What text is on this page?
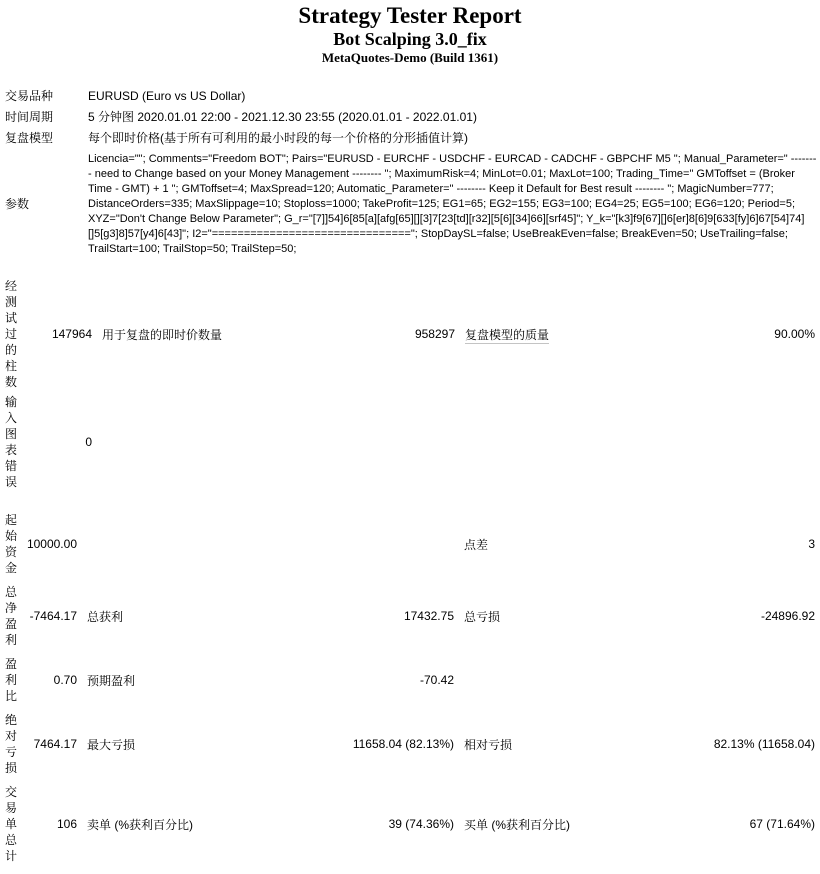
Strategy Tester Report
Bot Scalping 3.0_fix
MetaQuotes-Demo (Build 1361)
交易品种	EURUSD (Euro vs US Dollar)
时间周期	5 分钟图 2020.01.01 22:00 - 2021.12.30 23:55 (2020.01.01 - 2022.01.01)
复盘模型	每个即时价格(基于所有可利用的最小时段的每一个价格的分形插值计算)
参数	Licencia=""; Comments="Freedom BOT"; Pairs="EURUSD - EURCHF - USDCHF - EURCAD - CADCHF - GBPCHF M5 "; Manual_Parameter=" -------- need to Change based on your Money Management -------- "; MaximumRisk=4; MinLot=0.01; MaxLot=100; Trading_Time=" GMToffset = (Broker Time - GMT) + 1 "; GMToffset=4; MaxSpread=120; Automatic_Parameter=" -------- Keep it Default for Best result -------- "; MagicNumber=777; DistanceOrders=335; MaxSlippage=10; Stoploss=1000; TakeProfit=125; EG1=65; EG2=155; EG3=100; EG4=25; EG5=100; EG6=120; Period=5; XYZ="Don't Change Below Parameter"; G_r="[7]]54]6[85[a][afg[65][][3]7[23[td][r32][5[6][34]66][srf45]"; Y_k="[k3]f9[67][]6[er]8[6]9[633[fy]6]67[54]74][]5[g3]8]57[y4]6[43]"; I2="==============================="; StopDaySL=false; UseBreakEven=false; BreakEven=50; UseTrailing=false; TrailStart=100; TrailStop=50; TrailStep=50;
经测试过的柱数	147964	用于复盘的即时价数量	958297	复盘模型的质量	90.00%
输入图表错误	0				
起始资金	10000.00			点差	3
总净盈利	-7464.17	总获利	17432.75	总亏损	-24896.92
盈利比	0.70	预期盈利	-70.42		
绝对亏损	7464.17	最大亏损	11658.04 (82.13%)	相对亏损	82.13% (11658.04)
交易单总计	106	卖单 (%获利百分比)	39 (74.36%)	买单 (%获利百分比)	67 (71.64%)
